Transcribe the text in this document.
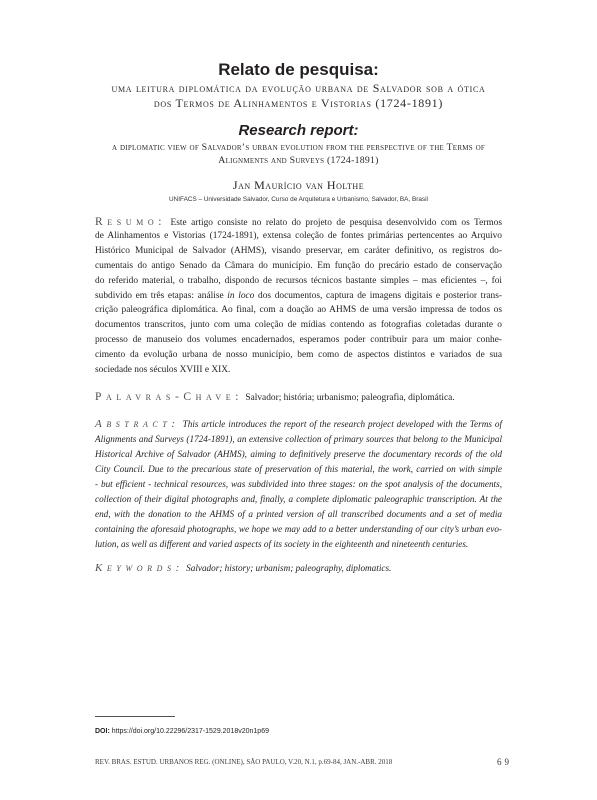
Relato de pesquisa:
uma leitura diplomática da evolução urbana de Salvador sob a ótica
dos Termos de Alinhamentos e Vistorias (1724-1891)
Research report:
a diplomatic view of Salvador’s urban evolution from the perspective of the Terms of
Alignments and Surveys (1724-1891)
Jan Maurício van Holthe
UNIFACS – Universidade Salvador, Curso de Arquitetura e Urbanismo, Salvador, BA, Brasil
Resumo: Este artigo consiste no relato do projeto de pesquisa desenvolvido com os Termos
de Alinhamentos e Vistorias (1724-1891), extensa coleção de fontes primárias pertencentes ao Arquivo
Histórico Municipal de Salvador (AHMS), visando preservar, em caráter definitivo, os registros do-
cumentais do antigo Senado da Câmara do município. Em função do precário estado de conservação
do referido material, o trabalho, dispondo de recursos técnicos bastante simples – mas eficientes –, foi
subdivido em três etapas: análise in loco dos documentos, captura de imagens digitais e posterior trans-
crição paleográfica diplomática. Ao final, com a doação ao AHMS de uma versão impressa de todos os
documentos transcritos, junto com uma coleção de mídias contendo as fotografias coletadas durante o
processo de manuseio dos volumes encadernados, esperamos poder contribuir para um maior conhe-
cimento da evolução urbana de nosso município, bem como de aspectos distintos e variados de sua
sociedade nos séculos XVIII e XIX.
Palavras-Chave: Salvador; história; urbanismo; paleografia, diplomática.
Abstract: This article introduces the report of the research project developed with the Terms of
Alignments and Surveys (1724-1891), an extensive collection of primary sources that belong to the Municipal
Historical Archive of Salvador (AHMS), aiming to definitively preserve the documentary records of the old
City Council. Due to the precarious state of preservation of this material, the work, carried on with simple
- but efficient - technical resources, was subdivided into three stages: on the spot analysis of the documents,
collection of their digital photographs and, finally, a complete diplomatic paleographic transcription. At the
end, with the donation to the AHMS of a printed version of all transcribed documents and a set of media
containing the aforesaid photographs, we hope we may add to a better understanding of our city’s urban evo-
lution, as well as different and varied aspects of its society in the eighteenth and nineteenth centuries.
Keywords: Salvador; history; urbanism; paleography, diplomatics.
DOI: https://doi.org/10.22296/2317-1529.2018v20n1p69
REV. BRAS. ESTUD. URBANOS REG. (ONLINE), SÃO PAULO, V.20, N.1, p.69-84, JAN.-ABR. 2018	69
